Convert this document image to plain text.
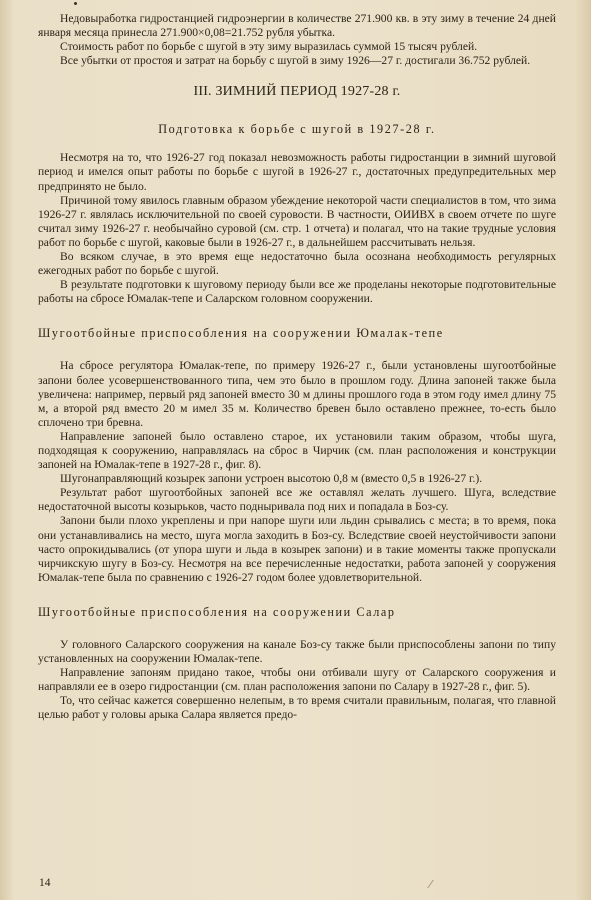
Недовыработка гидростанцией гидроэнергии в количестве 271.900 кв. в эту зиму в течение 24 дней января месяца принесла 271.900×0,08=21.752 рубля убытка.

Стоимость работ по борьбе с шугой в эту зиму выразилась суммой 15 тысяч рублей.

Все убытки от простоя и затрат на борьбу с шугой в зиму 1926—27 г. достигали 36.752 рублей.

III. ЗИМНИЙ ПЕРИОД 1927-28 г.
Подготовка к борьбе с шугой в 1927-28 г.

Несмотря на то, что 1926-27 год показал невозможность работы гидростанции в зимний шуговой период и имелся опыт работы по борьбе с шугой в 1926-27 г., достаточных предупредительных мер предпринято не было.

Причиной тому явилось главным образом убеждение некоторой части специалистов в том, что зима 1926-27 г. являлась исключительной по своей суровости. В частности, ОИИВХ в своем отчете по шуге считал зиму 1926-27 г. необычайно суровой (см. стр. 1 отчета) и полагал, что на такие трудные условия работ по борьбе с шугой, каковые были в 1926-27 г., в дальнейшем рассчитывать нельзя.

Во всяком случае, в это время еще недостаточно была осознана необходимость регулярных ежегодных работ по борьбе с шугой.

В результате подготовки к шуговому периоду были все же проделаны некоторые подготовительные работы на сбросе Юмалак-тепе и Саларском головном сооружении.

Шугоотбойные приспособления на сооружении Юмалак-тепе

На сбросе регулятора Юмалак-тепе, по примеру 1926-27 г., были установлены шугоотбойные запони более усовершенствованного типа, чем это было в прошлом году. Длина запоней также была увеличена: например, первый ряд запоней вместо 30 м длины прошлого года в этом году имел длину 75 м, а второй ряд вместо 20 м имел 35 м. Количество бревен было оставлено прежнее, то-есть было сплочено три бревна.

Направление запоней было оставлено старое, их установили таким образом, чтобы шуга, подходящая к сооружению, направлялась на сброс в Чирчик (см. план расположения и конструкции запоней на Юмалак-тепе в 1927-28 г., фиг. 8).

Шугонаправляющий козырек запони устроен высотою 0,8 м (вместо 0,5 в 1926-27 г.).

Результат работ шугоотбойных запоней все же оставлял желать лучшего. Шуга, вследствие недостаточной высоты козырьков, часто подныривала под них и попадала в Боз-су.

Запони были плохо укреплены и при напоре шуги или льдин срывались с места; в то время, пока они устанавливались на место, шуга могла заходить в Боз-су. Вследствие своей неустойчивости запони часто опрокидывались (от упора шуги и льда в козырек запони) и в такие моменты также пропускали чирчикскую шугу в Боз-су. Несмотря на все перечисленные недостатки, работа запоней у сооружения Юмалак-тепе была по сравнению с 1926-27 годом более удовлетворительной.

Шугоотбойные приспособления на сооружении Салар

У головного Саларского сооружения на канале Боз-су также были приспособлены запони по типу установленных на сооружении Юмалак-тепе.

Направление запоням придано такое, чтобы они отбивали шугу от Саларского сооружения и направляли ее в озеро гидростанции (см. план расположения запони по Салару в 1927-28 г., фиг. 5).

То, что сейчас кажется совершенно нелепым, в то время считали правильным, полагая, что главной целью работ у головы арыка Салара является предо-

14
